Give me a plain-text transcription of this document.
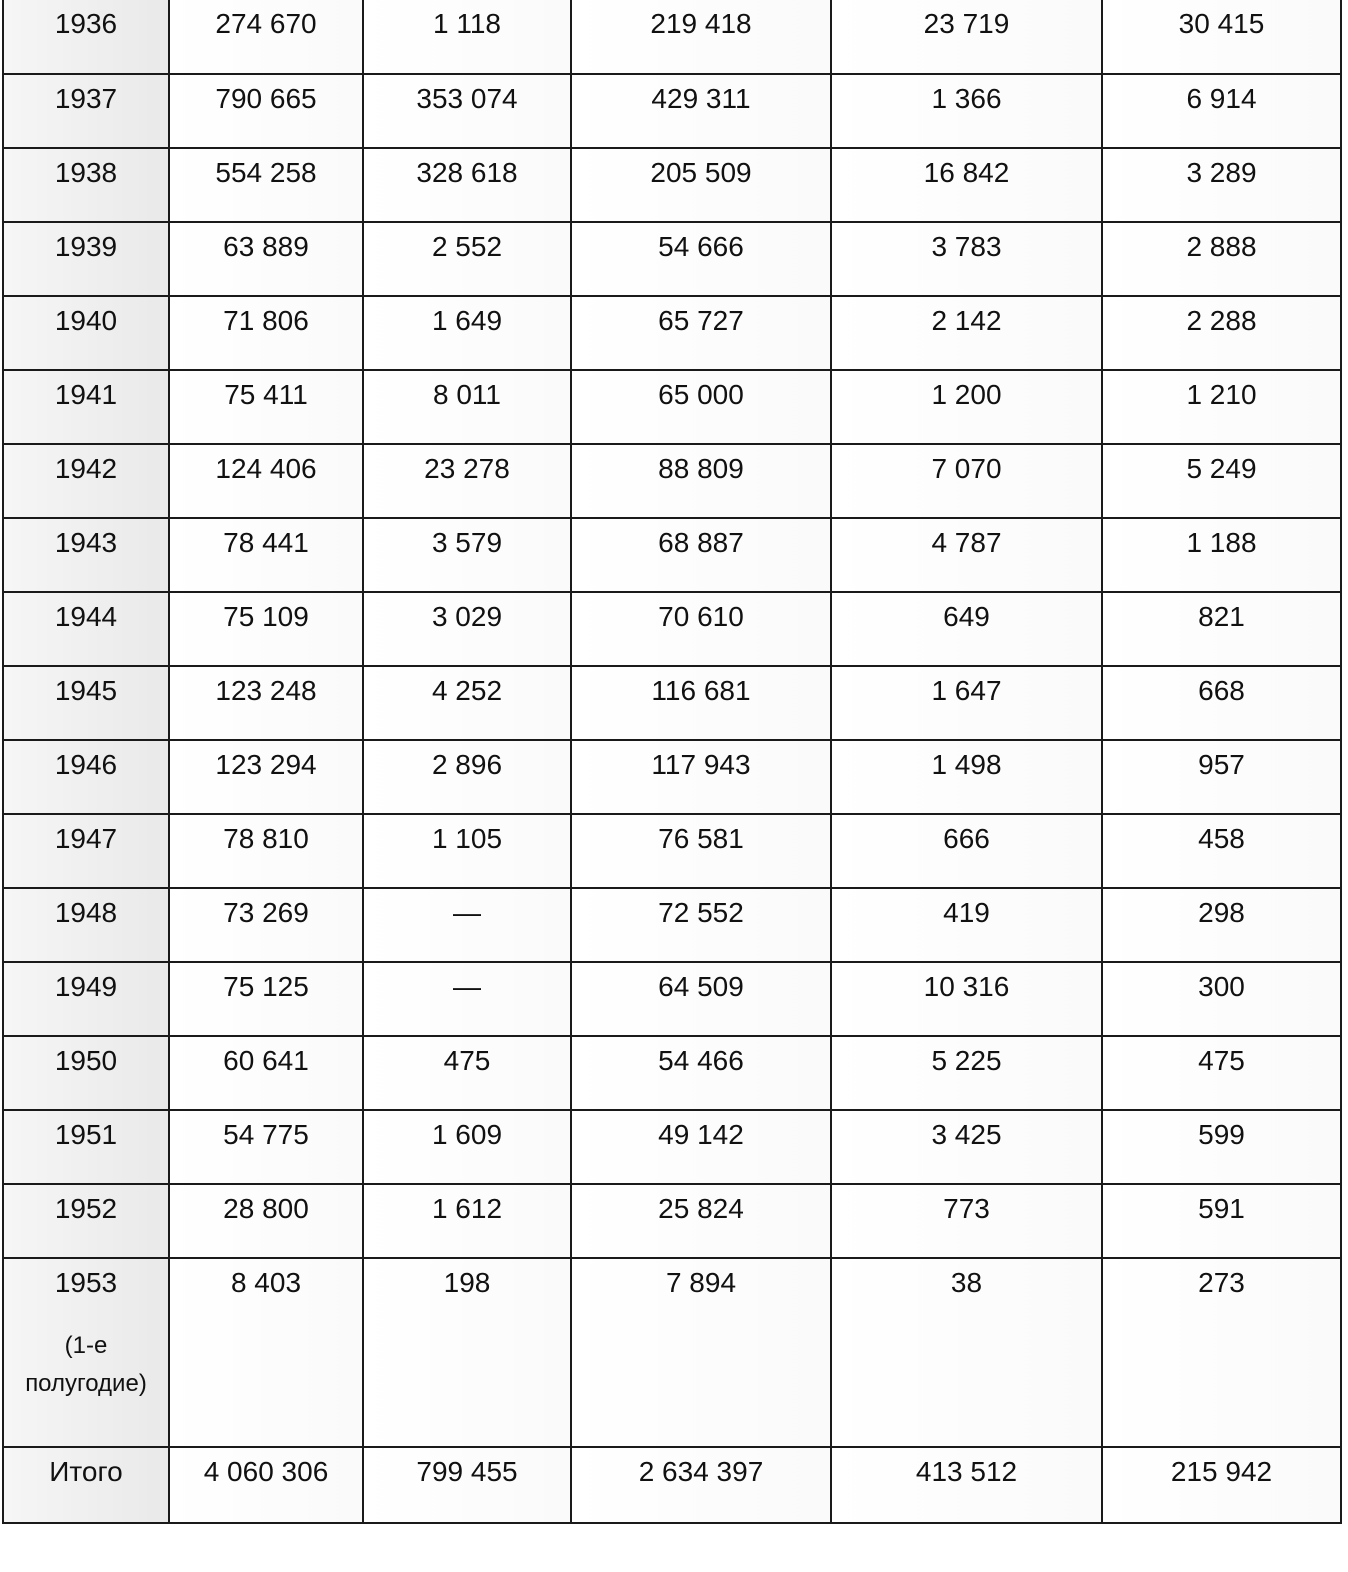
1936	274 670	1 118	219 418	23 719	30 415
1937	790 665	353 074	429 311	1 366	6 914
1938	554 258	328 618	205 509	16 842	3 289
1939	63 889	2 552	54 666	3 783	2 888
1940	71 806	1 649	65 727	2 142	2 288
1941	75 411	8 011	65 000	1 200	1 210
1942	124 406	23 278	88 809	7 070	5 249
1943	78 441	3 579	68 887	4 787	1 188
1944	75 109	3 029	70 610	649	821
1945	123 248	4 252	116 681	1 647	668
1946	123 294	2 896	117 943	1 498	957
1947	78 810	1 105	76 581	666	458
1948	73 269	—	72 552	419	298
1949	75 125	—	64 509	10 316	300
1950	60 641	475	54 466	5 225	475
1951	54 775	1 609	49 142	3 425	599
1952	28 800	1 612	25 824	773	591
1953
(1-е
полугодие)	8 403	198	7 894	38	273
Итого	4 060 306	799 455	2 634 397	413 512	215 942
